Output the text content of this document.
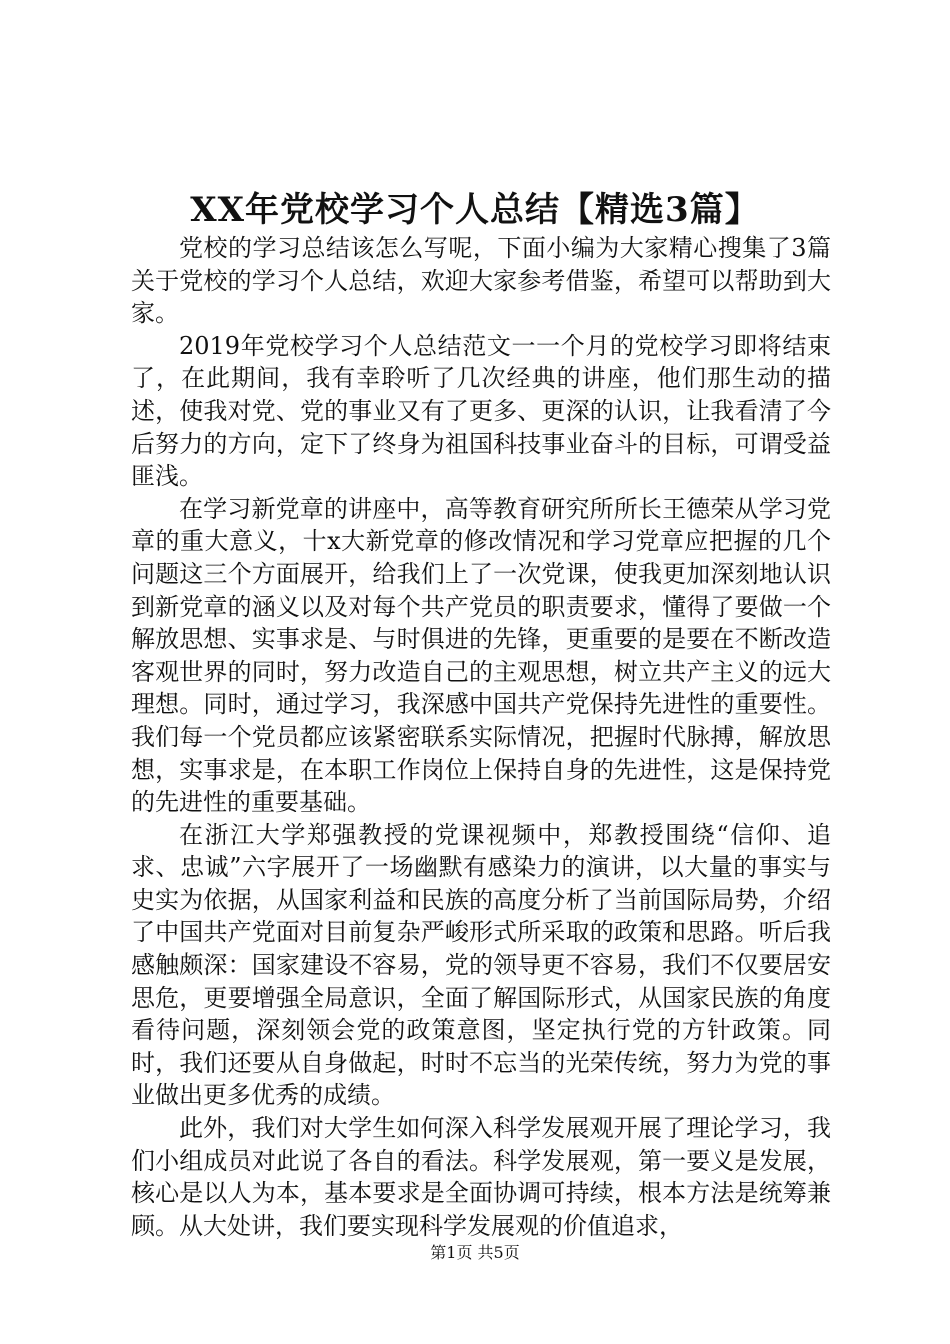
XX年党校学习个人总结【精选3篇】

党校的学习总结该怎么写呢，下面小编为大家精心搜集了3篇关于党校的学习个人总结，欢迎大家参考借鉴，希望可以帮助到大家。

2019年党校学习个人总结范文一一个月的党校学习即将结束了，在此期间，我有幸聆听了几次经典的讲座，他们那生动的描述，使我对党、党的事业又有了更多、更深的认识，让我看清了今后努力的方向，定下了终身为祖国科技事业奋斗的目标，可谓受益匪浅。

在学习新党章的讲座中，高等教育研究所所长王德荣从学习党章的重大意义，十x大新党章的修改情况和学习党章应把握的几个问题这三个方面展开，给我们上了一次党课，使我更加深刻地认识到新党章的涵义以及对每个共产党员的职责要求，懂得了要做一个解放思想、实事求是、与时俱进的先锋，更重要的是要在不断改造客观世界的同时，努力改造自己的主观思想，树立共产主义的远大理想。同时，通过学习，我深感中国共产党保持先进性的重要性。我们每一个党员都应该紧密联系实际情况，把握时代脉搏，解放思想，实事求是，在本职工作岗位上保持自身的先进性，这是保持党的先进性的重要基础。

在浙江大学郑强教授的党课视频中，郑教授围绕“信仰、追求、忠诚”六字展开了一场幽默有感染力的演讲，以大量的事实与史实为依据，从国家利益和民族的高度分析了当前国际局势，介绍了中国共产党面对目前复杂严峻形式所采取的政策和思路。听后我感触颇深：国家建设不容易，党的领导更不容易，我们不仅要居安思危，更要增强全局意识，全面了解国际形式，从国家民族的角度看待问题，深刻领会党的政策意图，坚定执行党的方针政策。同时，我们还要从自身做起，时时不忘当的光荣传统，努力为党的事业做出更多优秀的成绩。

此外，我们对大学生如何深入科学发展观开展了理论学习，我们小组成员对此说了各自的看法。科学发展观，第一要义是发展，核心是以人为本，基本要求是全面协调可持续，根本方法是统筹兼顾。从大处讲，我们要实现科学发展观的价值追求，

第1页 共5页
